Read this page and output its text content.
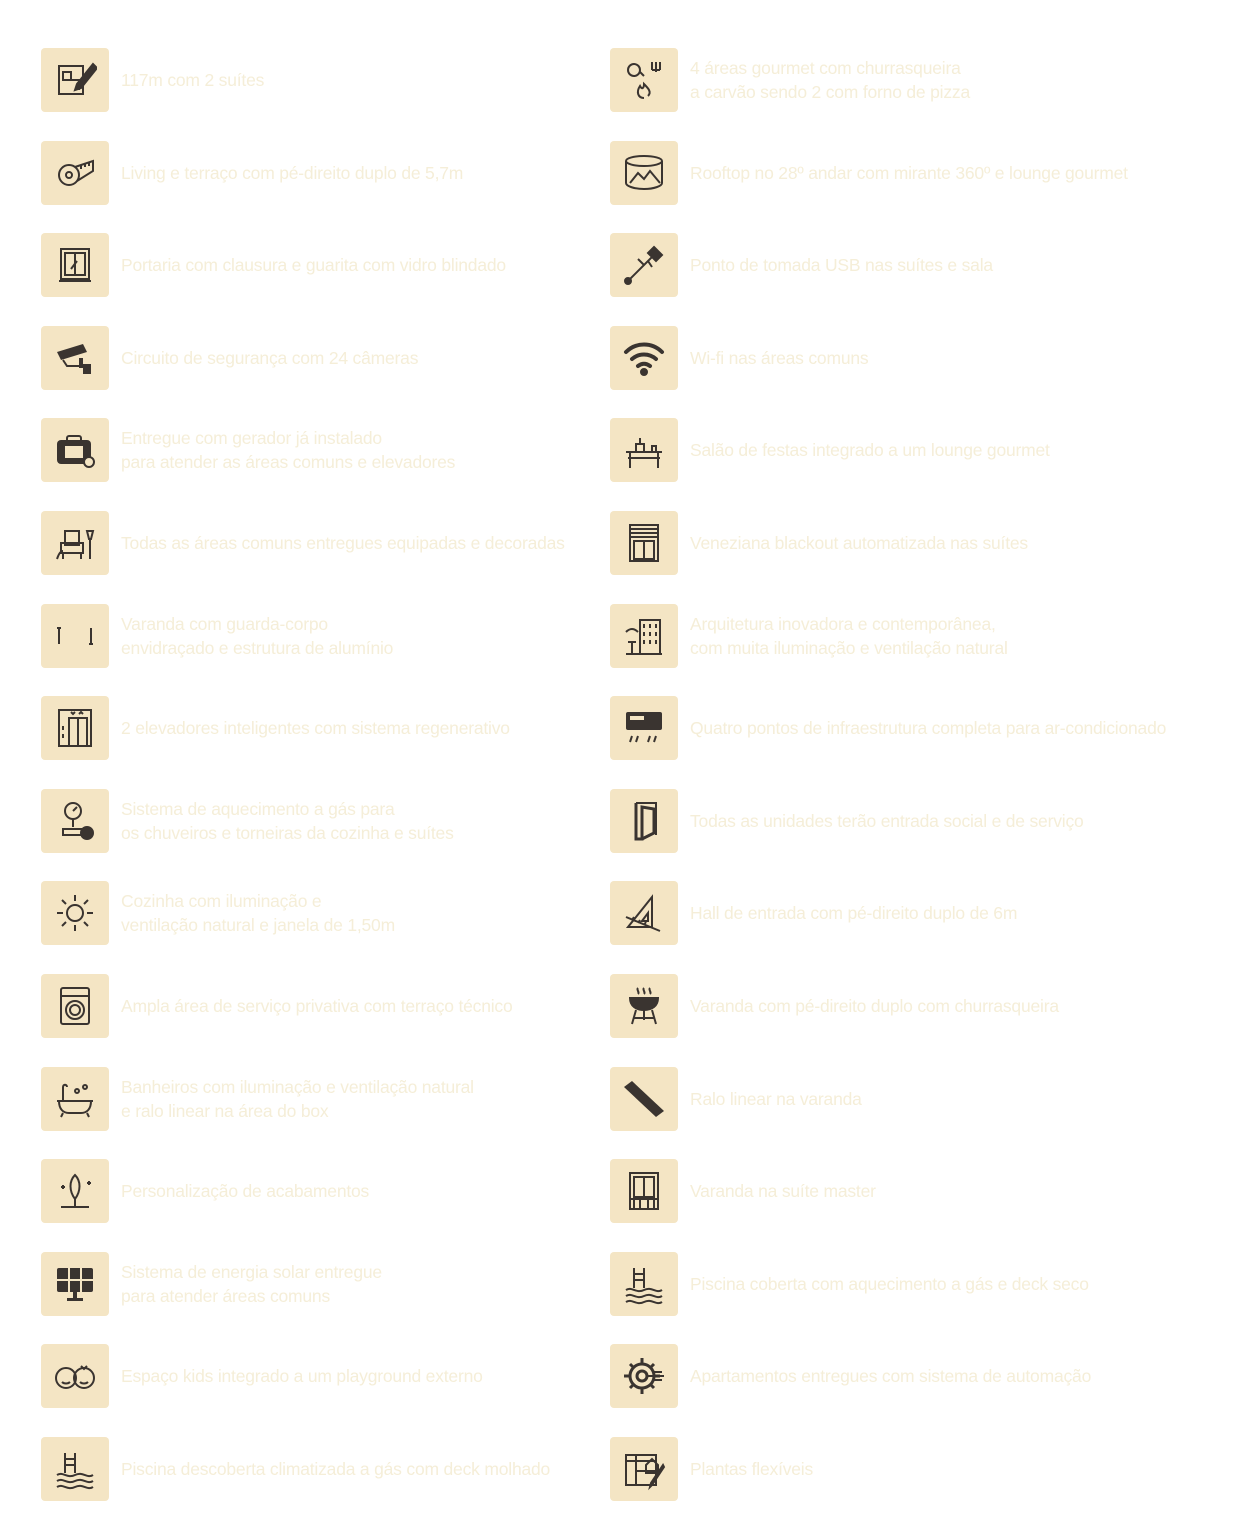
117m com 2 suítes
Living e terraço com pé-direito duplo de 5,7m
Portaria com clausura e guarita com vidro blindado
Circuito de segurança com 24 câmeras
Entregue com gerador já instalado
para atender as áreas comuns e elevadores
Todas as áreas comuns entregues equipadas e decoradas
Varanda com guarda-corpo
envidraçado e estrutura de alumínio
2 elevadores inteligentes com sistema regenerativo
Sistema de aquecimento a gás para
os chuveiros e torneiras da cozinha e suítes
Cozinha com iluminação e
ventilação natural e janela de 1,50m
Ampla área de serviço privativa com terraço técnico
Banheiros com iluminação e ventilação natural
e ralo linear na área do box
Personalização de acabamentos
Sistema de energia solar entregue
para atender áreas comuns
Espaço kids integrado a um playground externo
Piscina descoberta climatizada a gás com deck molhado
4 áreas gourmet com churrasqueira
a carvão sendo 2 com forno de pizza
Rooftop no 28º andar com mirante 360º e lounge gourmet
Ponto de tomada USB nas suítes e sala
Wi-fi nas áreas comuns
Salão de festas integrado a um lounge gourmet
Veneziana blackout automatizada nas suítes
Arquitetura inovadora e contemporânea,
com muita iluminação e ventilação natural
Quatro pontos de infraestrutura completa para ar-condicionado
Todas as unidades terão entrada social e de serviço
Hall de entrada com pé-direito duplo de 6m
Varanda com pé-direito duplo com churrasqueira
Ralo linear na varanda
Varanda na suíte master
Piscina coberta com aquecimento a gás e deck seco
Apartamentos entregues com sistema de automação
Plantas flexíveis
